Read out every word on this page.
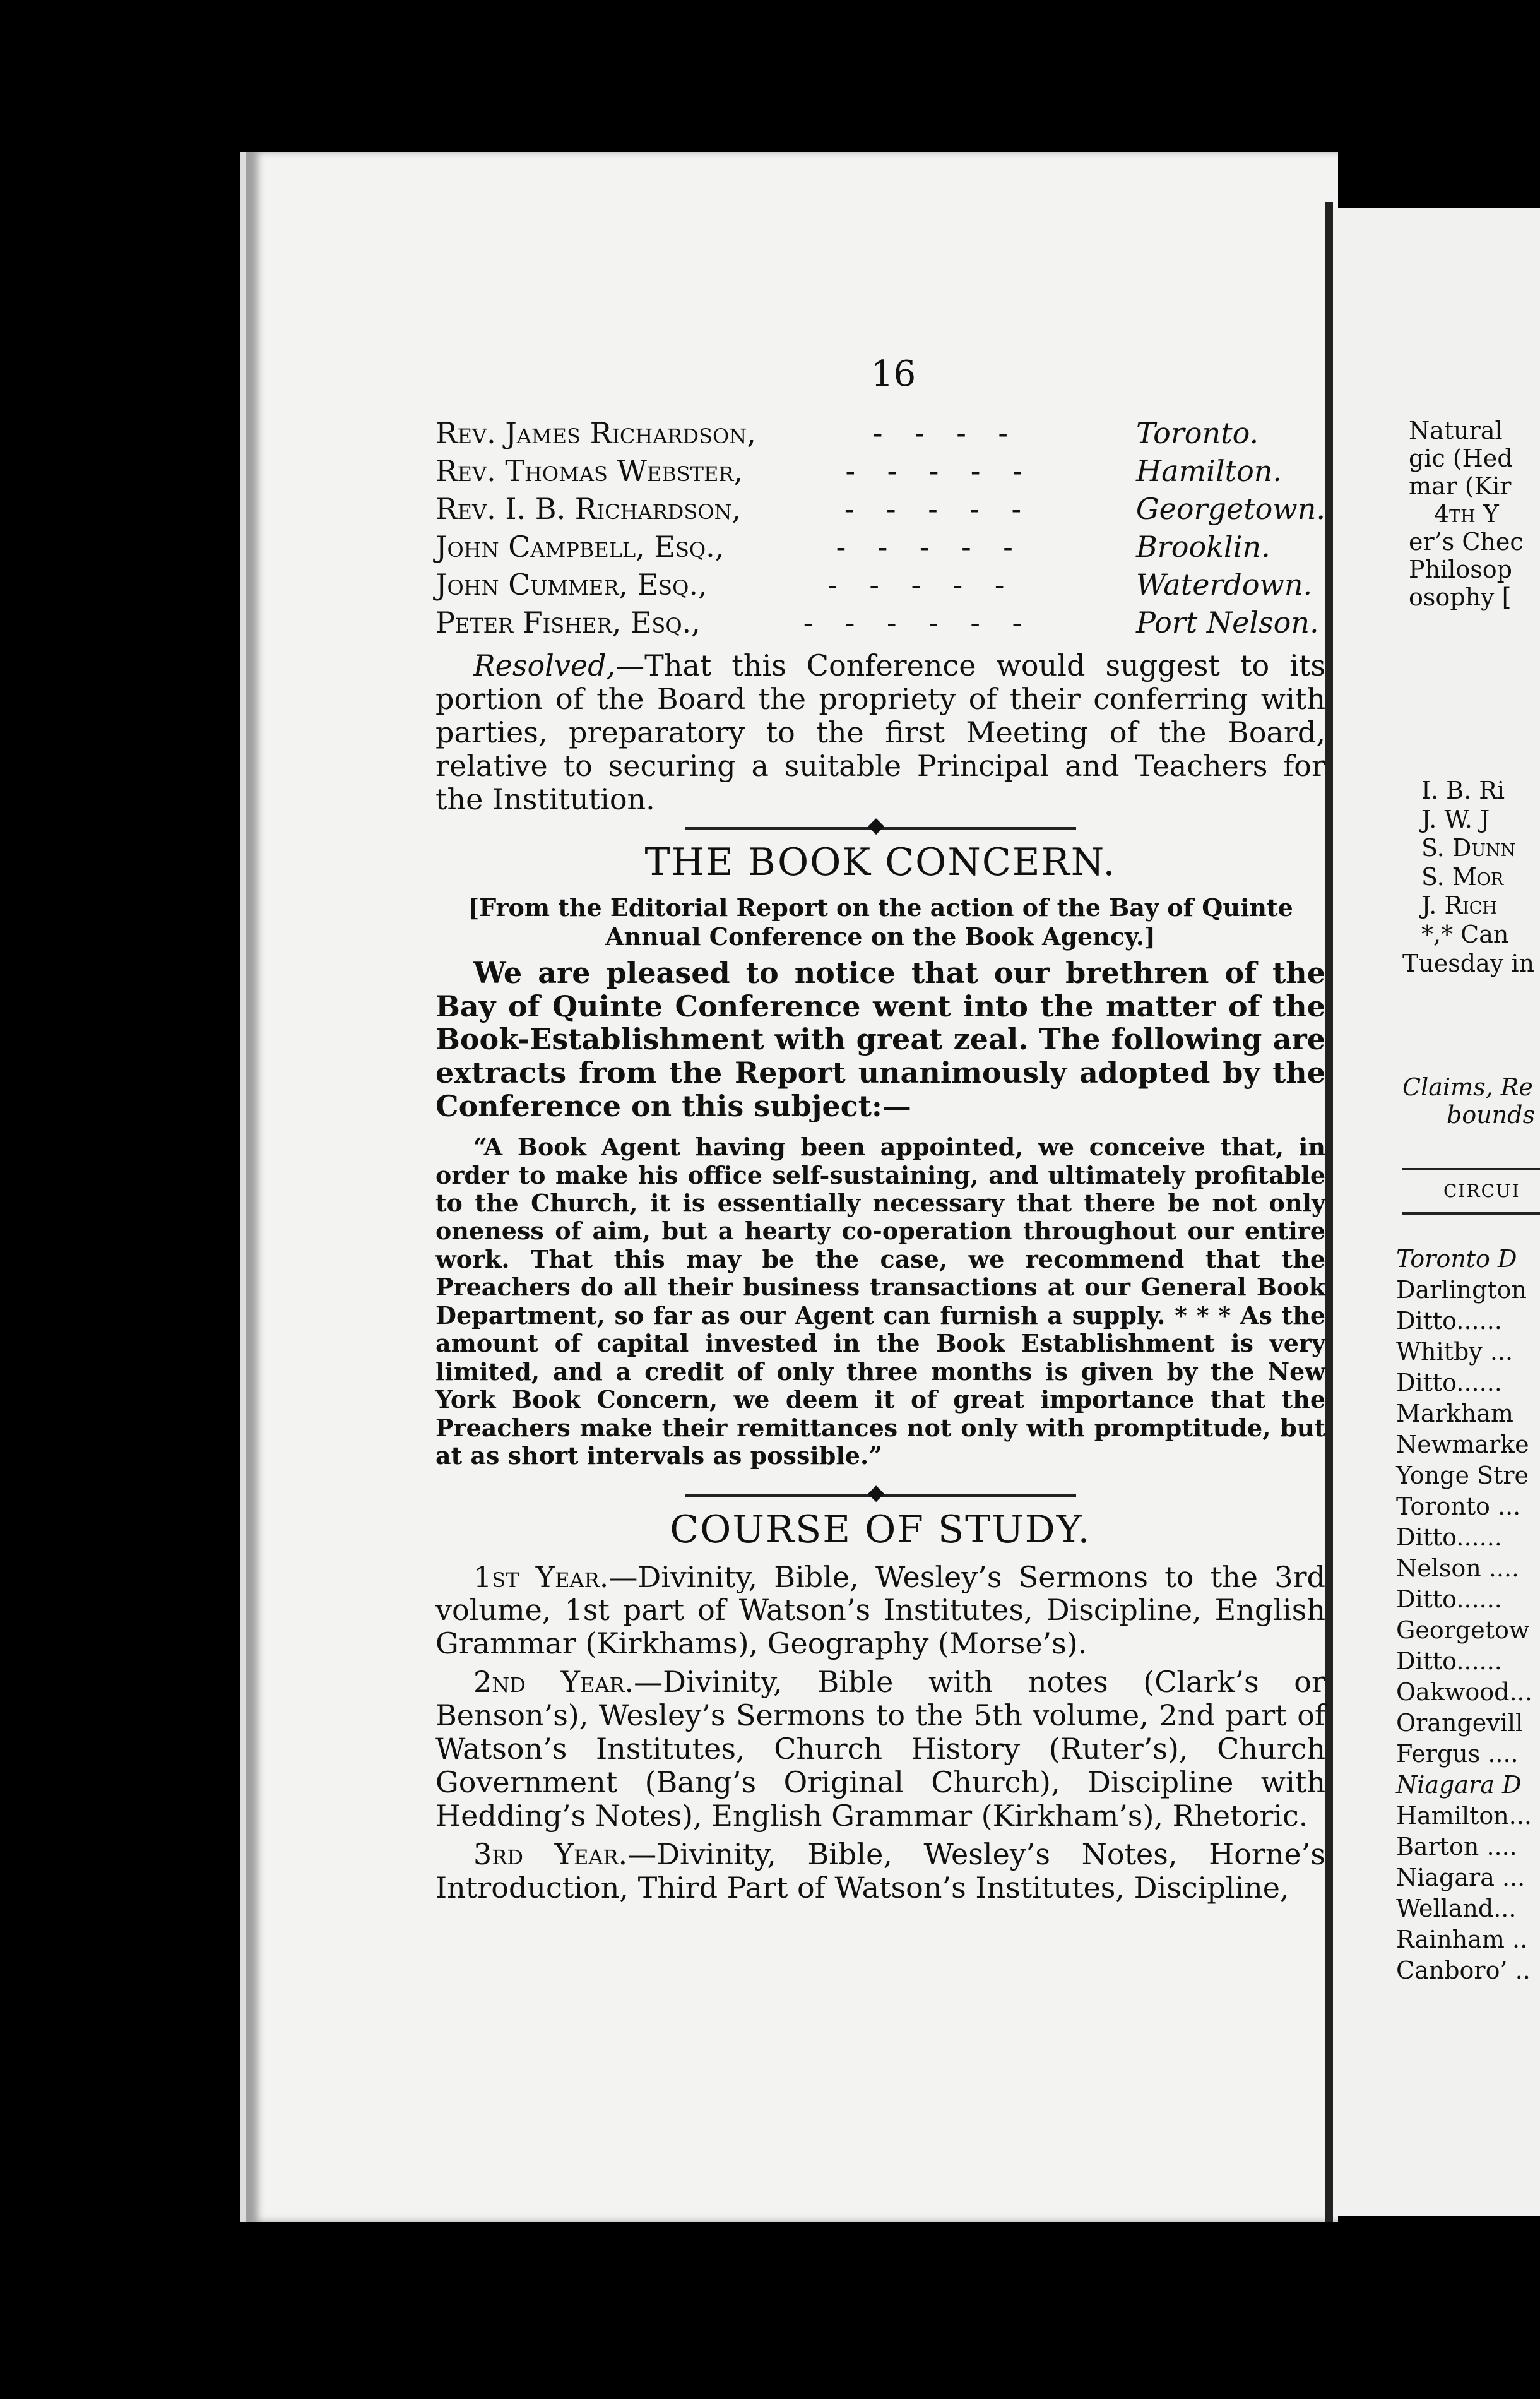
16
Rev. James Richardson,	- - - -	Toronto.
Rev. Thomas Webster,	- - - - -	Hamilton.
Rev. I. B. Richardson,	- - - - -	Georgetown.
John Campbell, Esq.,	- - - - -	Brooklin.
John Cummer, Esq.,	- - - - -	Waterdown.
Peter Fisher, Esq.,	- - - - - -	Port Nelson.

Resolved,—That this Conference would suggest to its portion of the Board the propriety of their conferring with parties, preparatory to the first Meeting of the Board, relative to securing a suitable Principal and Teachers for the Institution.

◆
THE BOOK CONCERN.
[From the Editorial Report on the action of the Bay of Quinte Annual Conference on the Book Agency.]

We are pleased to notice that our brethren of the Bay of Quinte Conference went into the matter of the Book-Establishment with great zeal. The following are extracts from the Report unanimously adopted by the Conference on this subject:—

“A Book Agent having been appointed, we conceive that, in order to make his office self-sustaining, and ultimately profitable to the Church, it is essentially necessary that there be not only oneness of aim, but a hearty co-operation throughout our entire work. That this may be the case, we recommend that the Preachers do all their business transactions at our General Book Department, so far as our Agent can furnish a supply. * * * As the amount of capital invested in the Book Establishment is very limited, and a credit of only three months is given by the New York Book Concern, we deem it of great importance that the Preachers make their remittances not only with promptitude, but at as short intervals as possible.”

◆
COURSE OF STUDY.

1st Year.—Divinity, Bible, Wesley’s Sermons to the 3rd volume, 1st part of Watson’s Institutes, Discipline, English Grammar (Kirkhams), Geography (Morse’s).

2nd Year.—Divinity, Bible with notes (Clark’s or Benson’s), Wesley’s Sermons to the 5th volume, 2nd part of Watson’s Institutes, Church History (Ruter’s), Church Government (Bang’s Original Church), Discipline with Hedding’s Notes), English Grammar (Kirkham’s), Rhetoric.

3rd Year.—Divinity, Bible, Wesley’s Notes, Horne’s Introduction, Third Part of Watson’s Institutes, Discipline,

Natural
gic (Hed
mar (Kir
4th Y
er’s Chec
Philosop
osophy [
I. B. Ri
J. W. J
S. Dunn
S. Mor
J. Rich
*,* Can
Tuesday in
Claims, Re
bounds
CIRCUI
Toronto D
Darlington
Ditto......
Whitby ...
Ditto......
Markham
Newmarke
Yonge Stre
Toronto ...
Ditto......
Nelson ....
Ditto......
Georgetow
Ditto......
Oakwood...
Orangevill
Fergus ....
Niagara D
Hamilton...
Barton ....
Niagara ...
Welland...
Rainham ..
Canboro’ ..
